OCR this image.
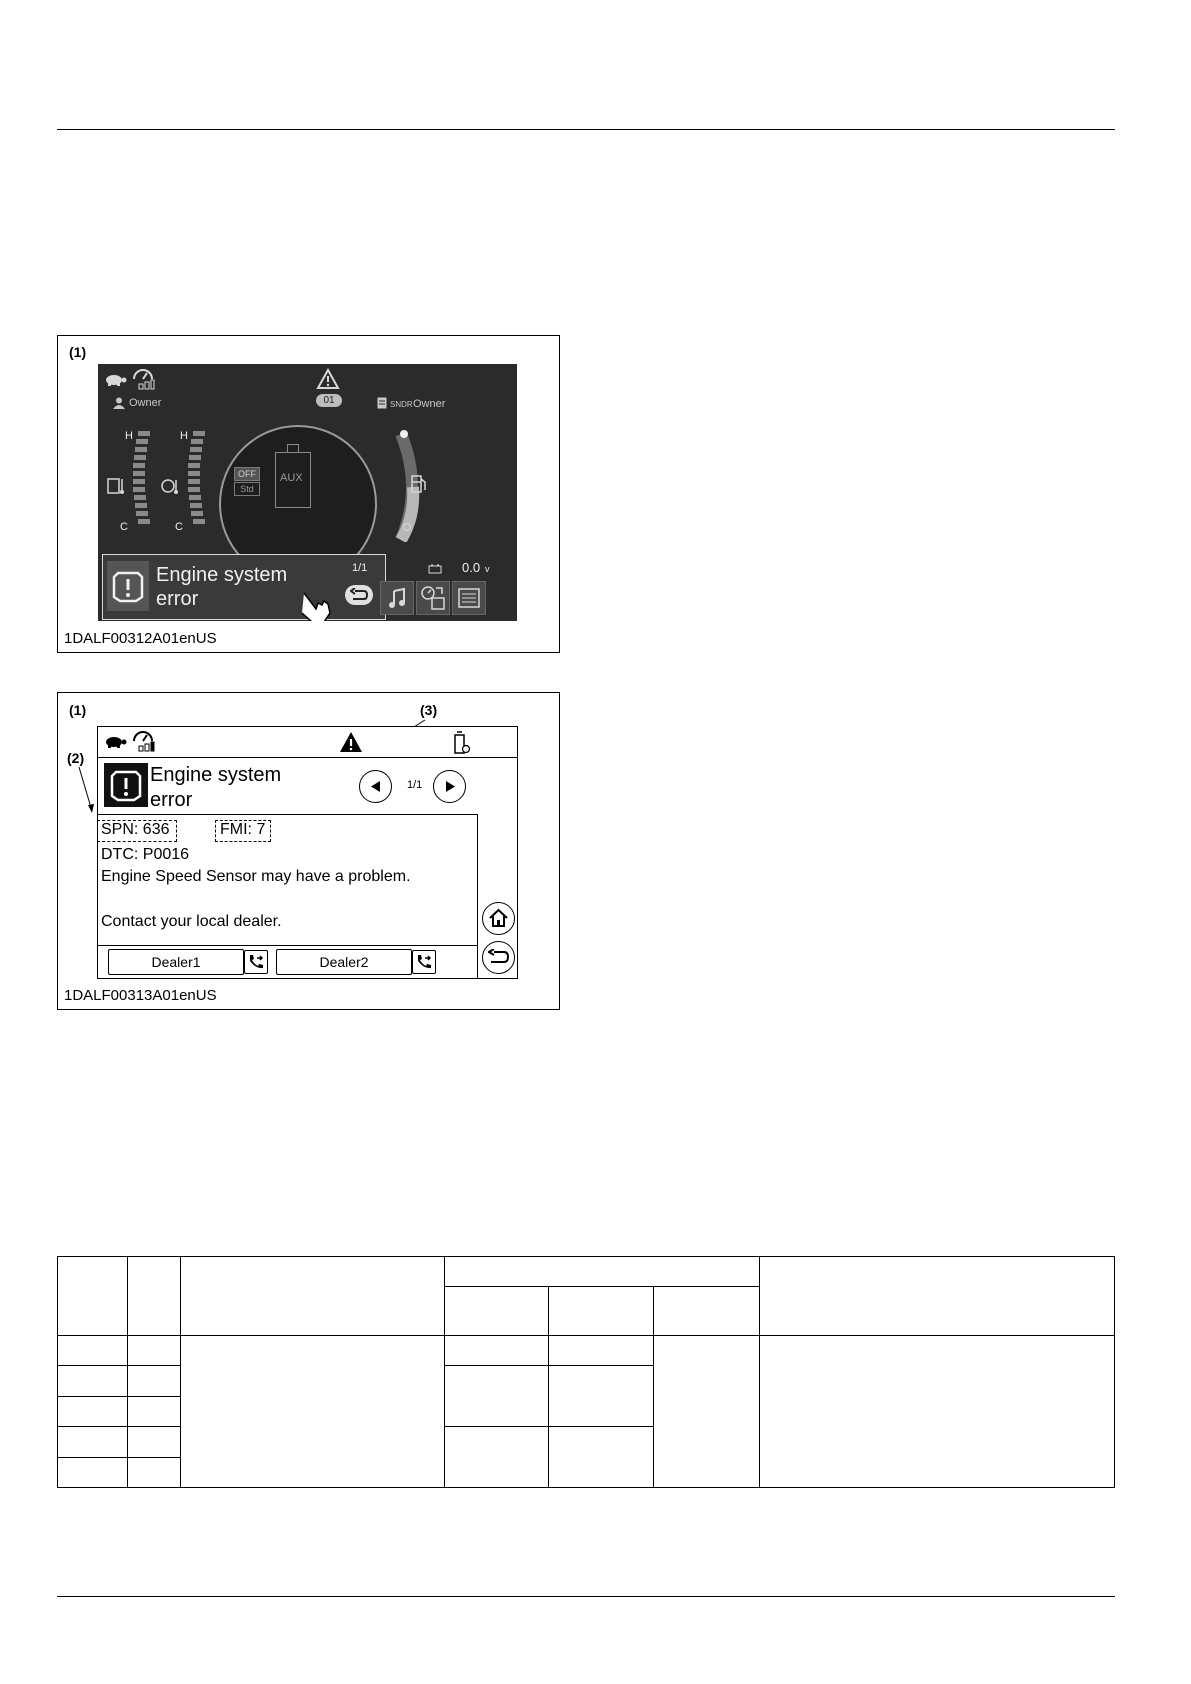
(1)
Owner	01	SNDR Owner
H
C
H
C
OFF
Std
AUX
Engine system
error
1/1	0.0 v
1DALF00312A01enUS
(1)
(2)
(3)
Engine system
error
1/1
SPN: 636	FMI: 7
DTC: P0016
Engine Speed Sensor may have a problem.
Contact your local dealer.
Dealer1	Dealer2
1DALF00313A01enUS
